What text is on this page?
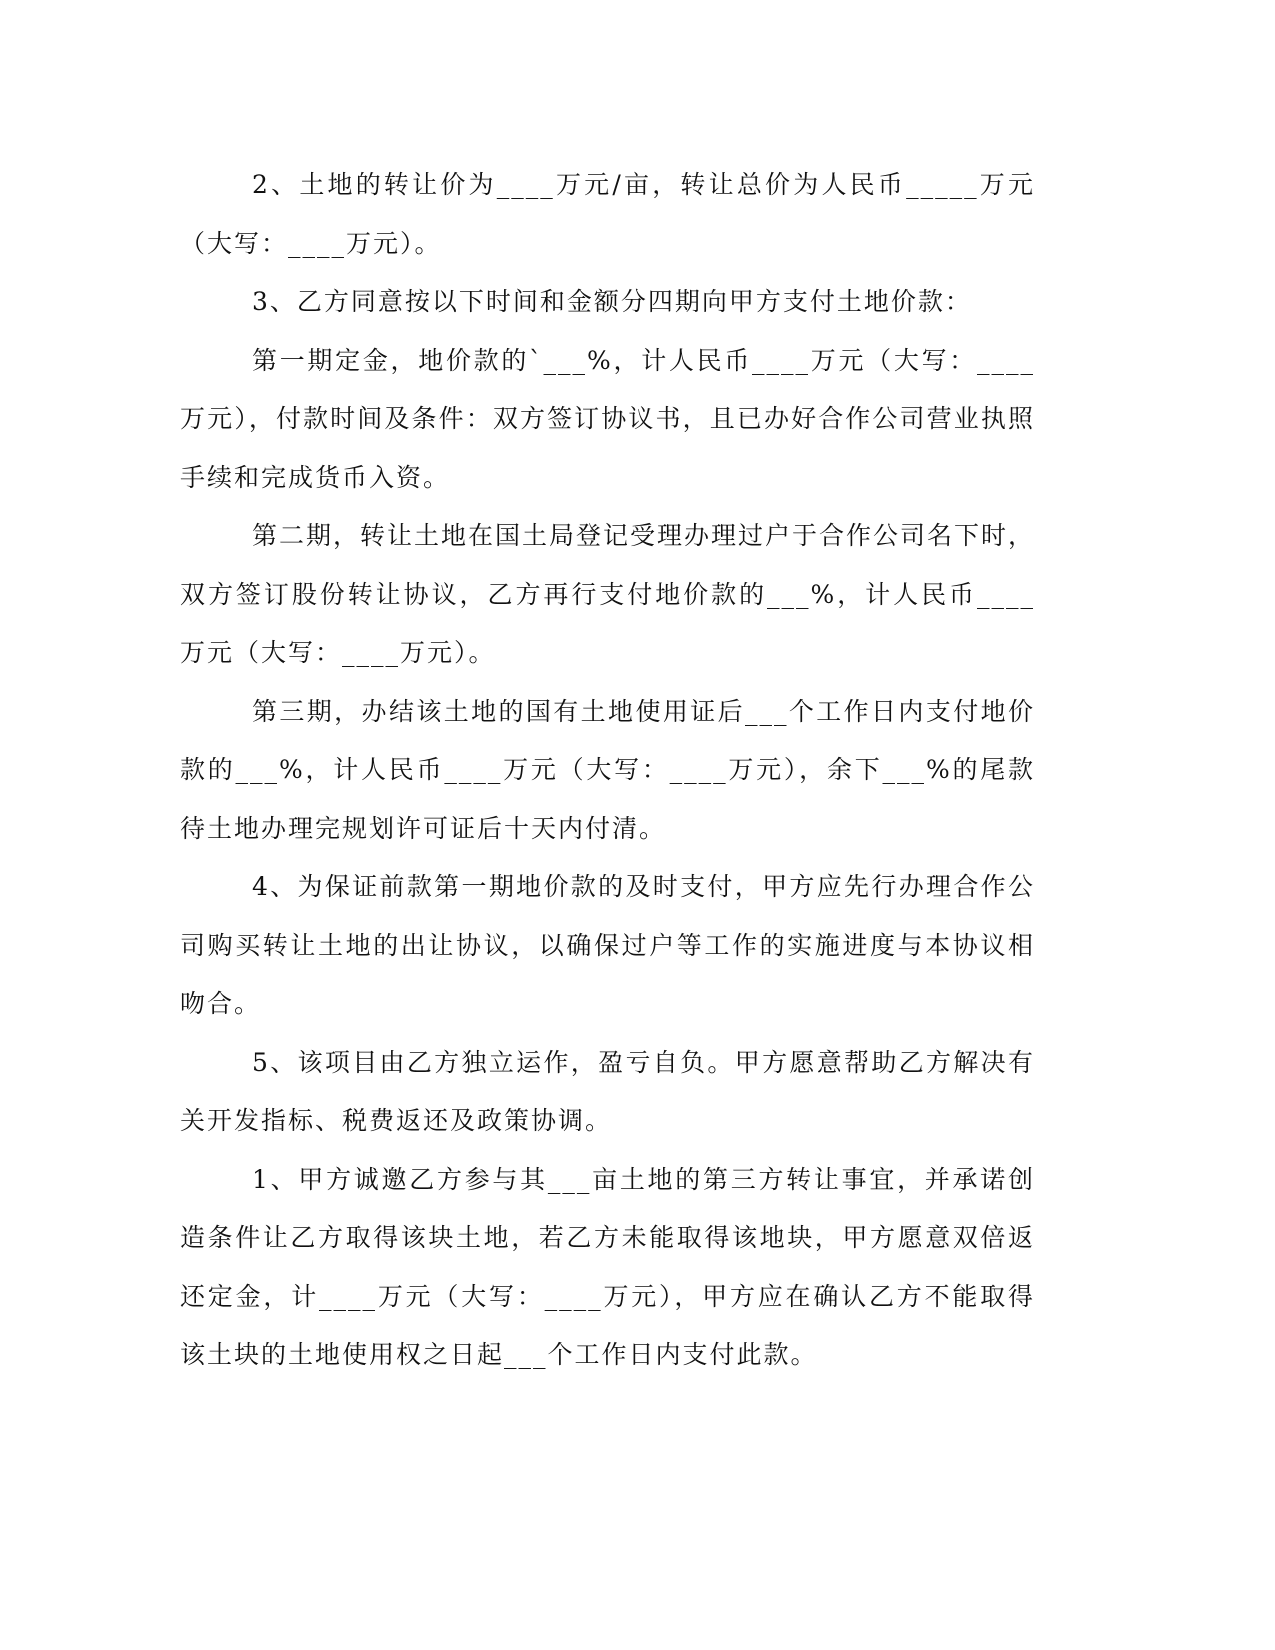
2、土地的转让价为____万元/亩，转让总价为人民币_____万元（大写：____万元）。

3、乙方同意按以下时间和金额分四期向甲方支付土地价款：

第一期定金，地价款的`___%，计人民币____万元（大写：____万元），付款时间及条件：双方签订协议书，且已办好合作公司营业执照手续和完成货币入资。

第二期，转让土地在国土局登记受理办理过户于合作公司名下时，双方签订股份转让协议，乙方再行支付地价款的___%，计人民币____万元（大写：____万元）。

第三期，办结该土地的国有土地使用证后___个工作日内支付地价款的___%，计人民币____万元（大写：____万元），余下___%的尾款待土地办理完规划许可证后十天内付清。

4、为保证前款第一期地价款的及时支付，甲方应先行办理合作公司购买转让土地的出让协议，以确保过户等工作的实施进度与本协议相吻合。

5、该项目由乙方独立运作，盈亏自负。甲方愿意帮助乙方解决有关开发指标、税费返还及政策协调。

1、甲方诚邀乙方参与其___亩土地的第三方转让事宜，并承诺创造条件让乙方取得该块土地，若乙方未能取得该地块，甲方愿意双倍返还定金，计____万元（大写：____万元），甲方应在确认乙方不能取得该土块的土地使用权之日起___个工作日内支付此款。
